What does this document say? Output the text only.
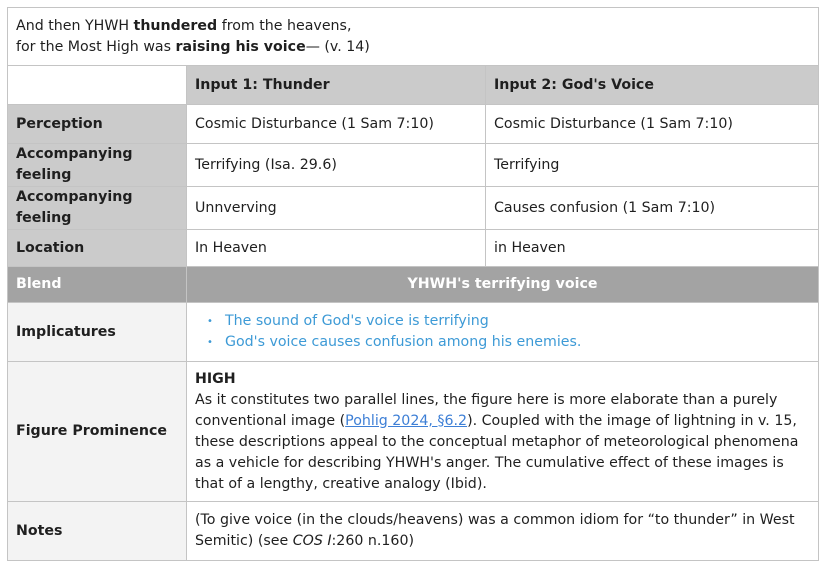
And then YHWH thundered from the heavens,
for the Most High was raising his voice— (v. 14)		

	Input 1: Thunder	Input 2: God's Voice
Perception	Cosmic Disturbance (1 Sam 7:10)	Cosmic Disturbance (1 Sam 7:10)
Accompanying feeling	Terrifying (Isa. 29.6)	Terrifying
Accompanying feeling	Unnverving	Causes confusion (1 Sam 7:10)
Location	In Heaven	in Heaven
Blend	YHWH's terrifying voice	
Implicatures	
• The sound of God's voice is terrifying
• God's voice causes confusion among his enemies.

Figure Prominence	HIGH
As it constitutes two parallel lines, the figure here is more elaborate than a purely conventional image (Pohlig 2024, §6.2). Coupled with the image of lightning in v. 15, these descriptions appeal to the conceptual metaphor of meteorological phenomena as a vehicle for describing YHWH's anger. The cumulative effect of these images is that of a lengthy, creative analogy (Ibid).	

Notes	(To give voice (in the clouds/heavens) was a common idiom for “to thunder” in West Semitic) (see COS I:260 n.160)	
